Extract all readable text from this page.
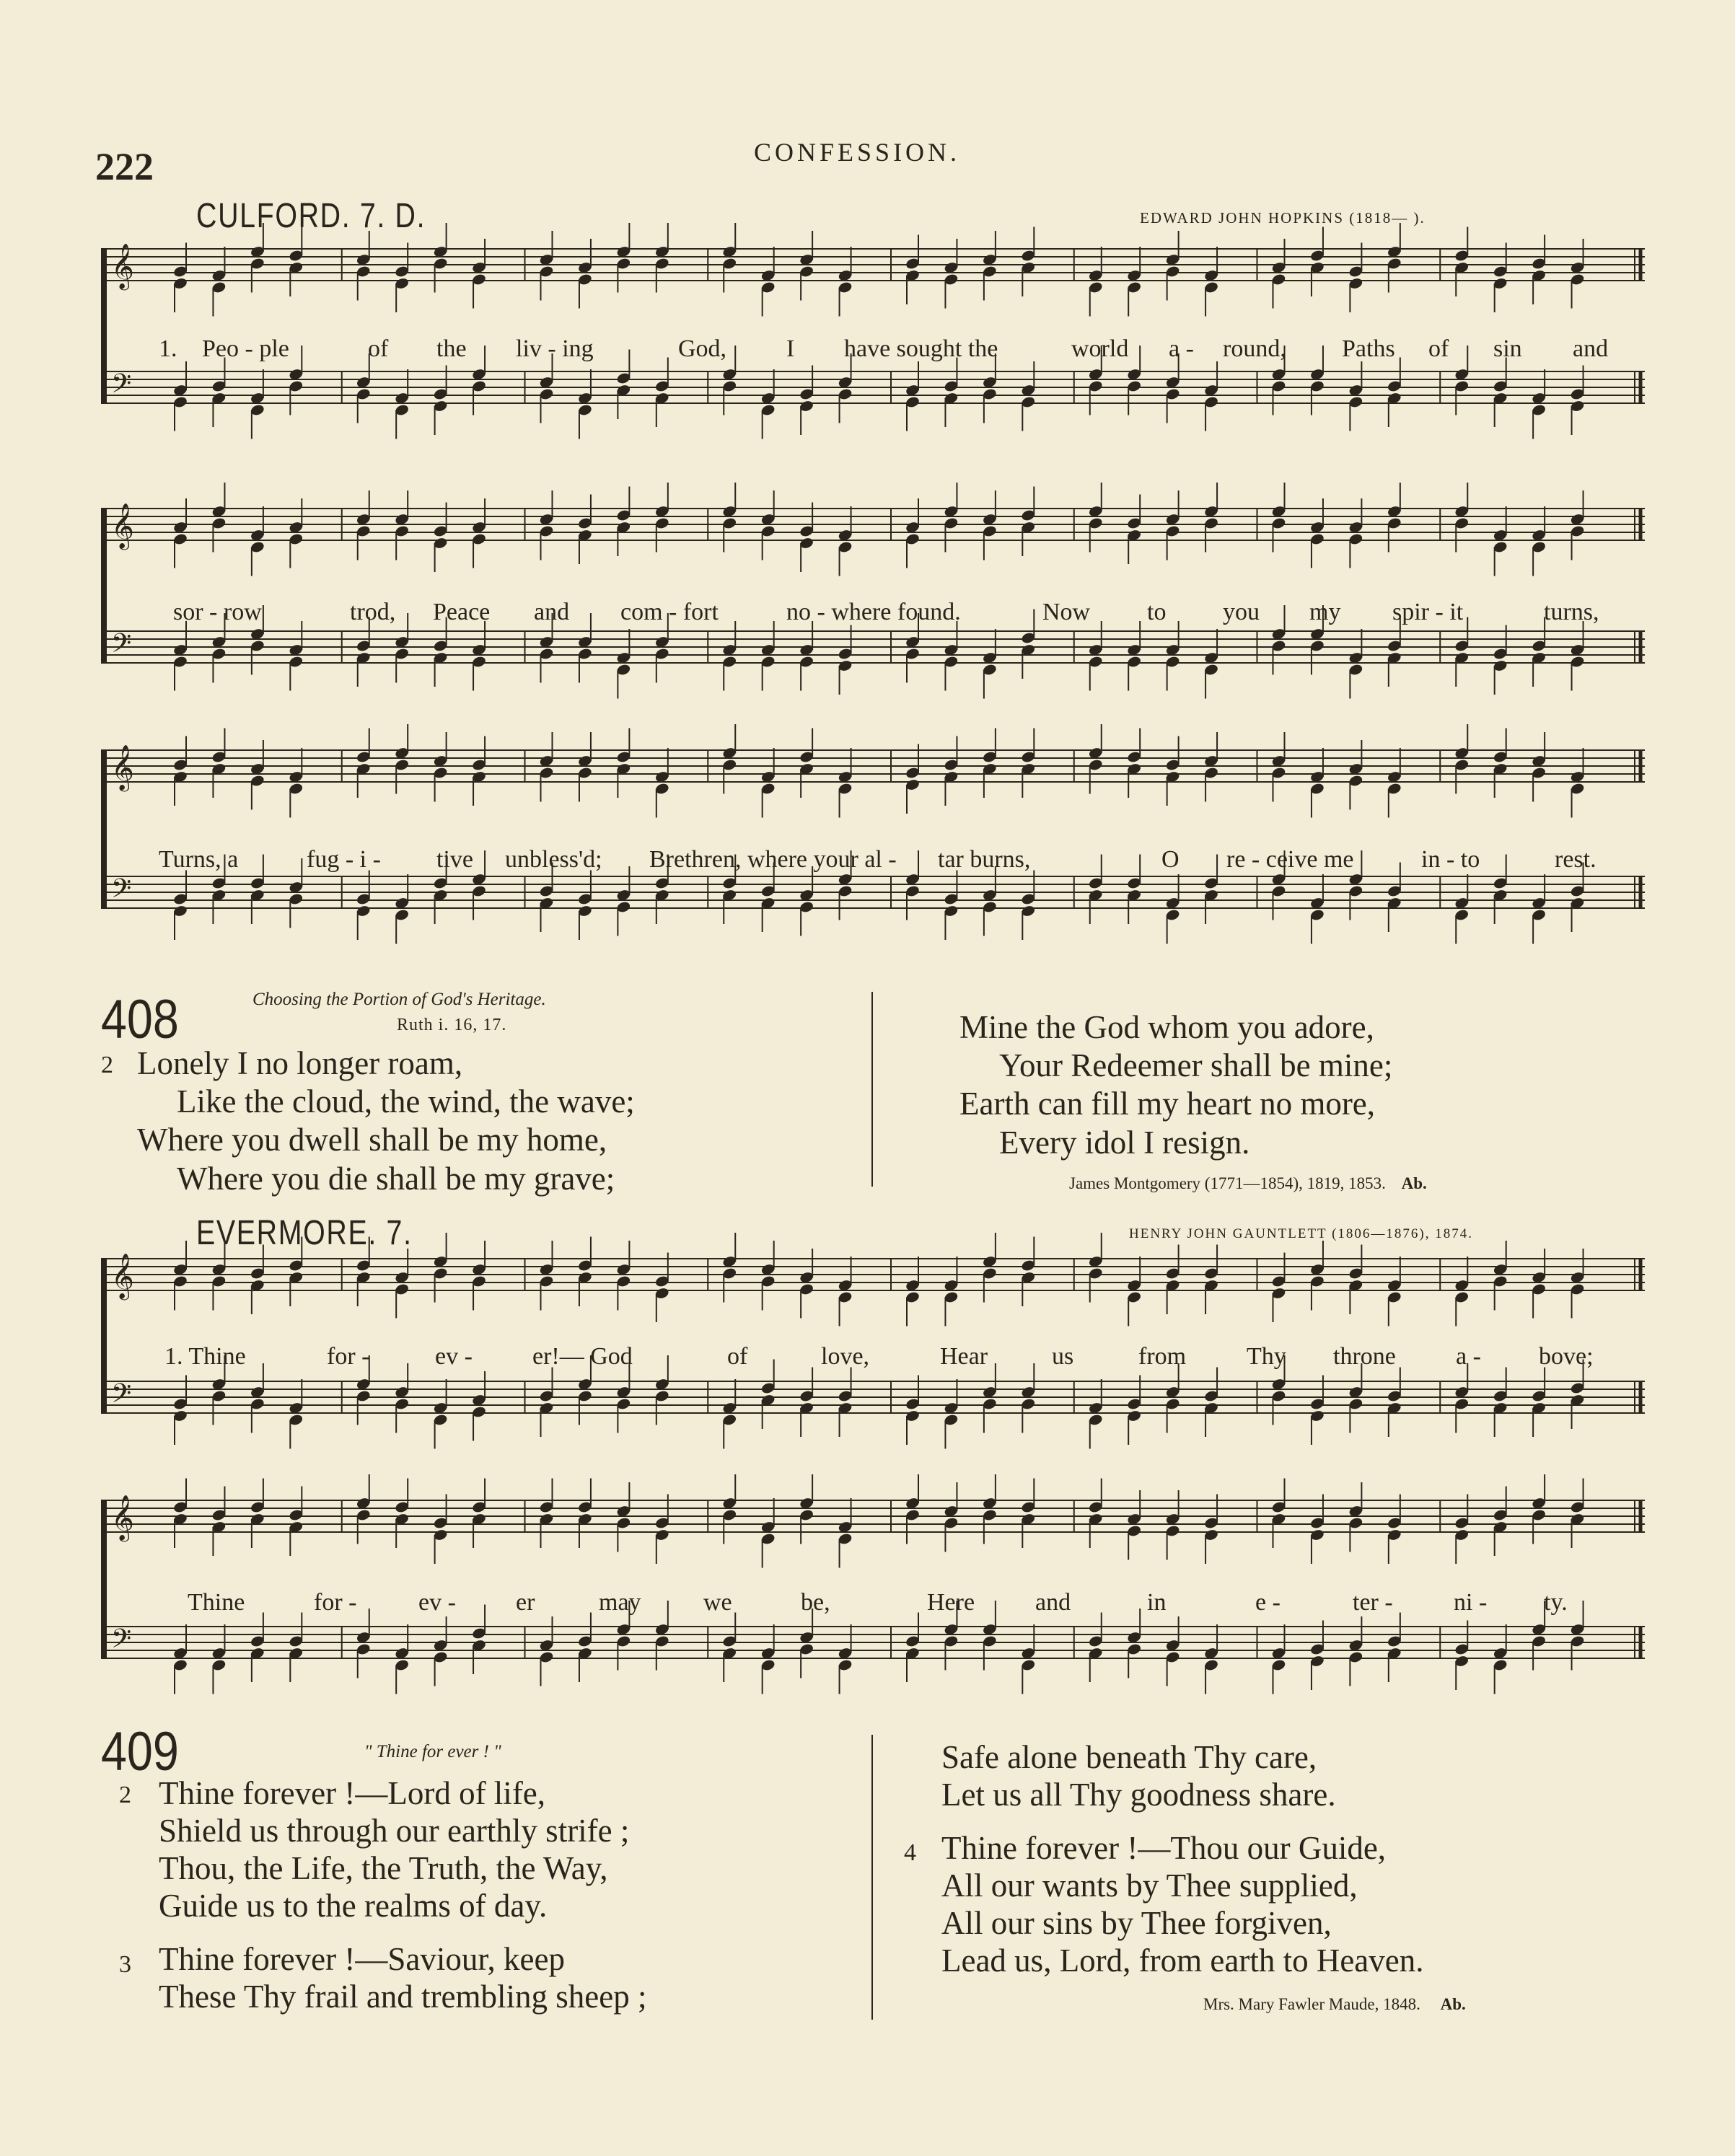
222	CONFESSION.
CULFORD. 7. D.	EDWARD JOHN HOPKINS (1818— ).
𝄞
𝄢
1. Peo - ple	of the liv - ing	God, I have sought the	world a - round, Paths of sin and
𝄞
𝄢
sor - row	trod, Peace and com - fort	no - where found.	Now to you my spir - it	turns,
𝄞
𝄢
Turns, a	fug - i - tive unbless'd; Brethren, where your al - tar burns,	O re - ceive me	in - to	rest.
408	Choosing the Portion of God's Heritage.
Ruth i. 16, 17.
2 Lonely I no longer roam,
Like the cloud, the wind, the wave;
Where you dwell shall be my home,
Where you die shall be my grave;
Mine the God whom you adore,
Your Redeemer shall be mine;
Earth can fill my heart no more,
Every idol I resign.
James Montgomery (1771—1854), 1819, 1853. Ab.
EVERMORE. 7.	HENRY JOHN GAUNTLETT (1806—1876), 1874.
𝄞
𝄢
1. Thine	for -	ev - er!— God	of	love,	Hear	us	from Thy throne a - bove;
𝄞
𝄢
Thine	for -	ev - er	may	we	be,	Here and	in	e -	ter - ni - ty.
409	" Thine for ever ! "
2 Thine forever !—Lord of life,
Shield us through our earthly strife ;
Thou, the Life, the Truth, the Way,
Guide us to the realms of day.
3 Thine forever !—Saviour, keep
These Thy frail and trembling sheep ;
Safe alone beneath Thy care,
Let us all Thy goodness share.
4 Thine forever !—Thou our Guide,
All our wants by Thee supplied,
All our sins by Thee forgiven,
Lead us, Lord, from earth to Heaven.
Mrs. Mary Fawler Maude, 1848. Ab.
